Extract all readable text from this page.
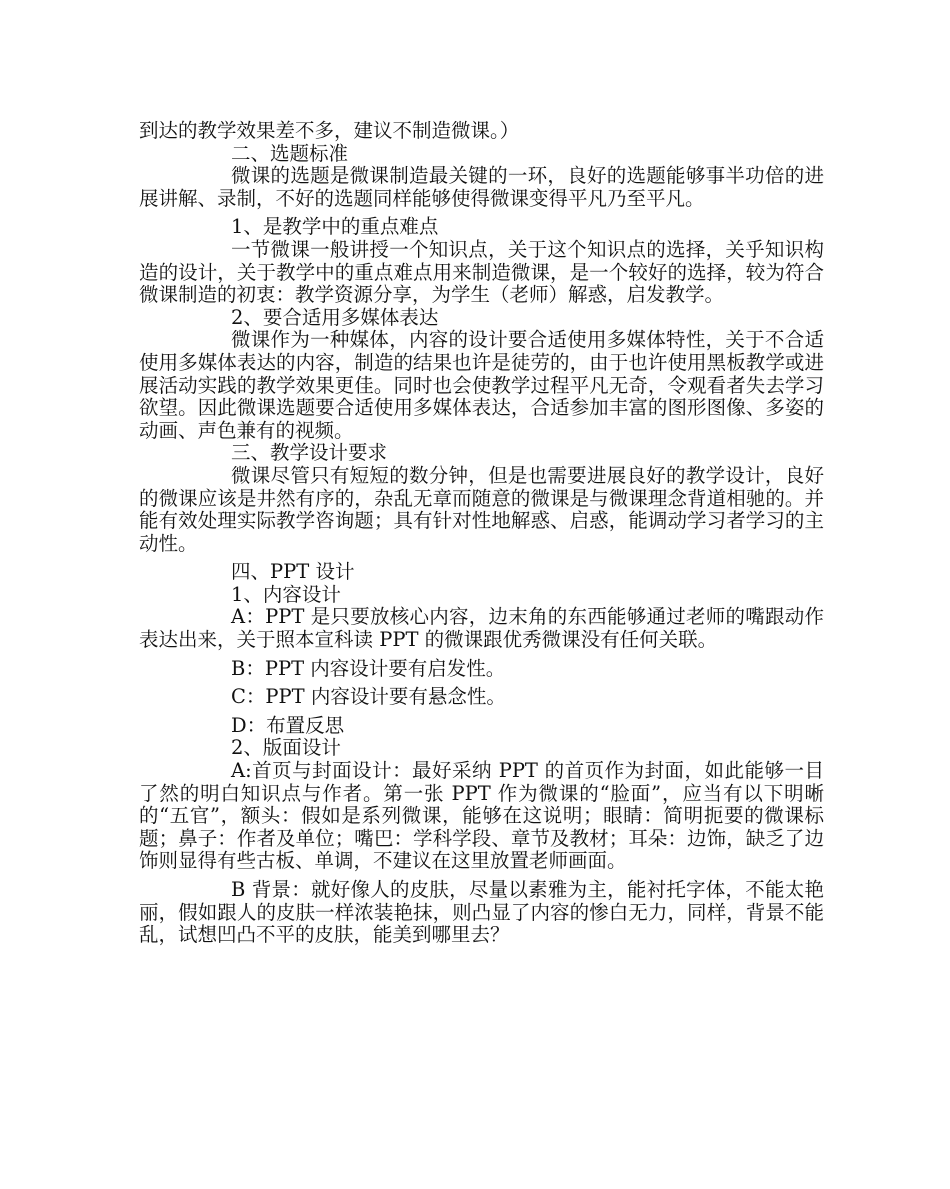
到达的教学效果差不多，建议不制造微课。）

二、选题标准

微课的选题是微课制造最关键的一环，良好的选题能够事半功倍的进展讲解、录制，不好的选题同样能够使得微课变得平凡乃至平凡。

1、是教学中的重点难点

一节微课一般讲授一个知识点，关于这个知识点的选择，关乎知识构造的设计，关于教学中的重点难点用来制造微课，是一个较好的选择，较为符合微课制造的初衷：教学资源分享，为学生（老师）解惑，启发教学。

2、要合适用多媒体表达

微课作为一种媒体，内容的设计要合适使用多媒体特性，关于不合适使用多媒体表达的内容，制造的结果也许是徒劳的，由于也许使用黑板教学或进展活动实践的教学效果更佳。同时也会使教学过程平凡无奇，令观看者失去学习欲望。因此微课选题要合适使用多媒体表达，合适参加丰富的图形图像、多姿的动画、声色兼有的视频。

三、教学设计要求

微课尽管只有短短的数分钟，但是也需要进展良好的教学设计，良好的微课应该是井然有序的，杂乱无章而随意的微课是与微课理念背道相驰的。并能有效处理实际教学咨询题；具有针对性地解惑、启惑，能调动学习者学习的主动性。

四、PPT 设计

1、内容设计

A：PPT 是只要放核心内容，边末角的东西能够通过老师的嘴跟动作表达出来，关于照本宣科读 PPT 的微课跟优秀微课没有任何关联。

B：PPT 内容设计要有启发性。

C：PPT 内容设计要有悬念性。

D：布置反思

2、版面设计

A:首页与封面设计：最好采纳 PPT 的首页作为封面，如此能够一目了然的明白知识点与作者。第一张 PPT 作为微课的“脸面”，应当有以下明晰的“五官”，额头：假如是系列微课，能够在这说明；眼睛：简明扼要的微课标题；鼻子：作者及单位；嘴巴：学科学段、章节及教材；耳朵：边饰，缺乏了边饰则显得有些古板、单调，不建议在这里放置老师画面。

B 背景：就好像人的皮肤，尽量以素雅为主，能衬托字体，不能太艳丽，假如跟人的皮肤一样浓装艳抹，则凸显了内容的惨白无力，同样，背景不能乱，试想凹凸不平的皮肤，能美到哪里去？
